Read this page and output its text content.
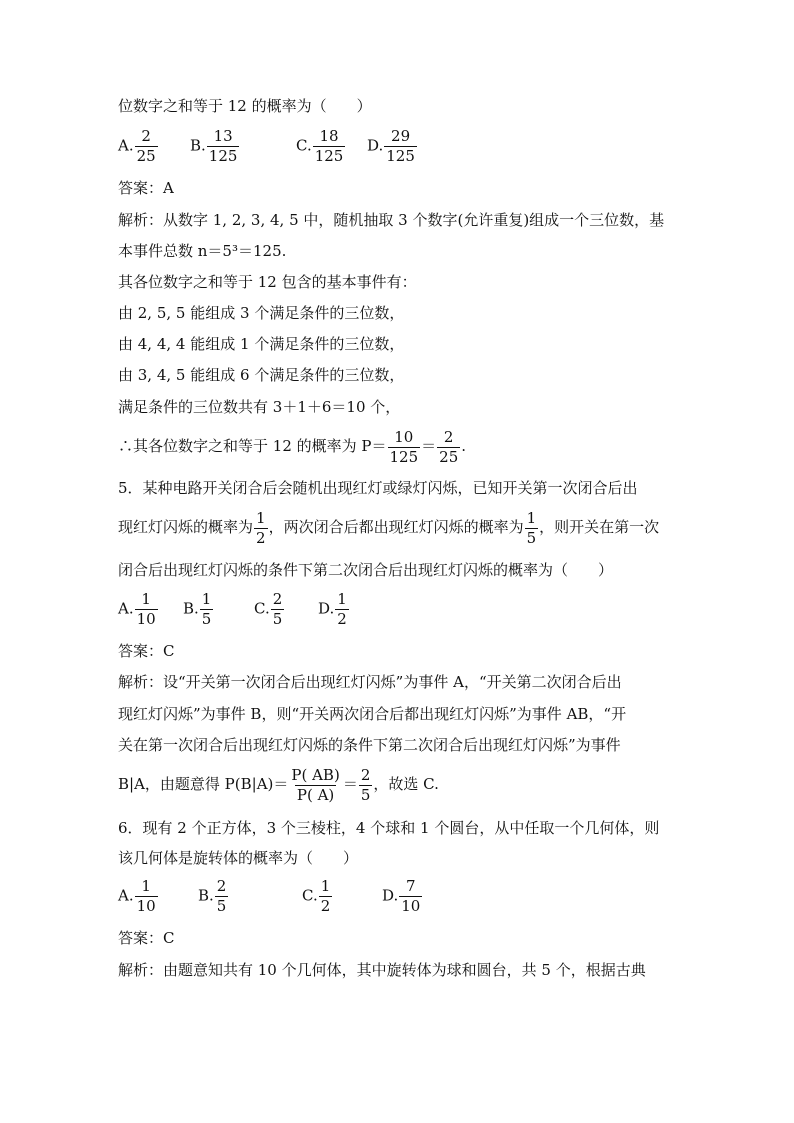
位数字之和等于 12 的概率为（　　）
A. $\frac{2}{25} B$. $\frac{13}{125}$	C. $\frac{18}{125} D$. $\frac{29}{125}$
答案：A
解析：从数字 1, 2, 3, 4, 5 中，随机抽取 3 个数字(允许重复)组成一个三位数，基
本事件总数 n＝5³＝125.
其各位数字之和等于 12 包含的基本事件有：
由 2, 5, 5 能组成 3 个满足条件的三位数，
由 4, 4, 4 能组成 1 个满足条件的三位数，
由 3, 4, 5 能组成 6 个满足条件的三位数，
满足条件的三位数共有 3＋1＋6＝10 个，
∴其各位数字之和等于 12 的概率为 $P= \frac{10}{125} = \frac{2}{25}$ .
5．某种电路开关闭合后会随机出现红灯或绿灯闪烁，已知开关第一次闭合后出
现红灯闪烁的概率为 $\frac{1}{2}$ ，两次闭合后都出现红灯闪烁的概率为 $\frac{1}{5}$ ，则开关在第一次
闭合后出现红灯闪烁的条件下第二次闭合后出现红灯闪烁的概率为（　　）
A. $\frac{1}{10} B$. $\frac{1}{5}$	C. $\frac{2}{5} D$. $\frac{1}{2}$
答案：C
解析：设“开关第一次闭合后出现红灯闪烁”为事件 A，“开关第二次闭合后出
现红灯闪烁”为事件 B，则“开关两次闭合后都出现红灯闪烁”为事件 AB，“开
关在第一次闭合后出现红灯闪烁的条件下第二次闭合后出现红灯闪烁”为事件
B|A，由题意得 $P(B|A)= \frac{P( AB)}{P( A)} = \frac{2}{5}$ ，故选 C.
6．现有 2 个正方体，3 个三棱柱，4 个球和 1 个圆台，从中任取一个几何体，则
该几何体是旋转体的概率为（　　）
A. $\frac{1}{10}$	B. $\frac{2}{5}$	C. $\frac{1}{2}$	D. $\frac{7}{10}$
答案：C
解析：由题意知共有 10 个几何体，其中旋转体为球和圆台，共 5 个，根据古典
